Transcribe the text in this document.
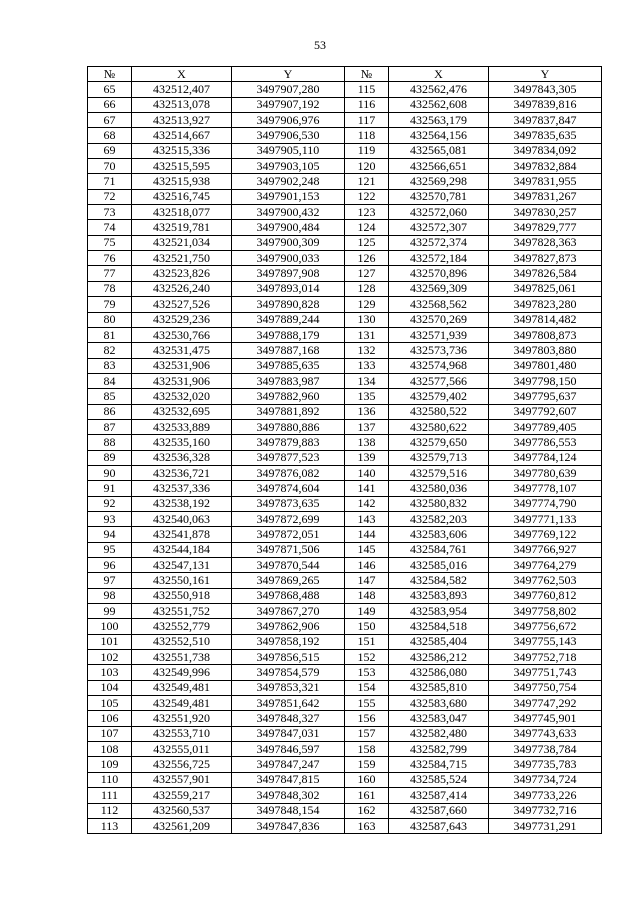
53
№	X	Y	№	X	Y
65	432512,407	3497907,280	115	432562,476	3497843,305
66	432513,078	3497907,192	116	432562,608	3497839,816
67	432513,927	3497906,976	117	432563,179	3497837,847
68	432514,667	3497906,530	118	432564,156	3497835,635
69	432515,336	3497905,110	119	432565,081	3497834,092
70	432515,595	3497903,105	120	432566,651	3497832,884
71	432515,938	3497902,248	121	432569,298	3497831,955
72	432516,745	3497901,153	122	432570,781	3497831,267
73	432518,077	3497900,432	123	432572,060	3497830,257
74	432519,781	3497900,484	124	432572,307	3497829,777
75	432521,034	3497900,309	125	432572,374	3497828,363
76	432521,750	3497900,033	126	432572,184	3497827,873
77	432523,826	3497897,908	127	432570,896	3497826,584
78	432526,240	3497893,014	128	432569,309	3497825,061
79	432527,526	3497890,828	129	432568,562	3497823,280
80	432529,236	3497889,244	130	432570,269	3497814,482
81	432530,766	3497888,179	131	432571,939	3497808,873
82	432531,475	3497887,168	132	432573,736	3497803,880
83	432531,906	3497885,635	133	432574,968	3497801,480
84	432531,906	3497883,987	134	432577,566	3497798,150
85	432532,020	3497882,960	135	432579,402	3497795,637
86	432532,695	3497881,892	136	432580,522	3497792,607
87	432533,889	3497880,886	137	432580,622	3497789,405
88	432535,160	3497879,883	138	432579,650	3497786,553
89	432536,328	3497877,523	139	432579,713	3497784,124
90	432536,721	3497876,082	140	432579,516	3497780,639
91	432537,336	3497874,604	141	432580,036	3497778,107
92	432538,192	3497873,635	142	432580,832	3497774,790
93	432540,063	3497872,699	143	432582,203	3497771,133
94	432541,878	3497872,051	144	432583,606	3497769,122
95	432544,184	3497871,506	145	432584,761	3497766,927
96	432547,131	3497870,544	146	432585,016	3497764,279
97	432550,161	3497869,265	147	432584,582	3497762,503
98	432550,918	3497868,488	148	432583,893	3497760,812
99	432551,752	3497867,270	149	432583,954	3497758,802
100	432552,779	3497862,906	150	432584,518	3497756,672
101	432552,510	3497858,192	151	432585,404	3497755,143
102	432551,738	3497856,515	152	432586,212	3497752,718
103	432549,996	3497854,579	153	432586,080	3497751,743
104	432549,481	3497853,321	154	432585,810	3497750,754
105	432549,481	3497851,642	155	432583,680	3497747,292
106	432551,920	3497848,327	156	432583,047	3497745,901
107	432553,710	3497847,031	157	432582,480	3497743,633
108	432555,011	3497846,597	158	432582,799	3497738,784
109	432556,725	3497847,247	159	432584,715	3497735,783
110	432557,901	3497847,815	160	432585,524	3497734,724
111	432559,217	3497848,302	161	432587,414	3497733,226
112	432560,537	3497848,154	162	432587,660	3497732,716
113	432561,209	3497847,836	163	432587,643	3497731,291
